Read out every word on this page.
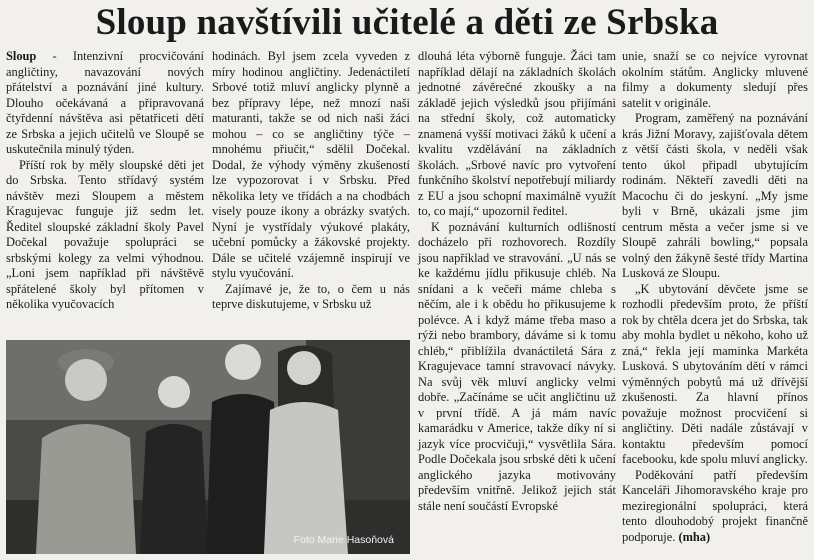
Sloup navštívili učitelé a děti ze Srbska

Sloup - Intenzivní procvičování angličtiny, navazování nových přátelství a poznávání jiné kultury. Dlouho očekávaná a připravovaná čtyřdenní návštěva asi pětatřiceti dětí ze Srbska a jejich učitelů ve Sloupě se uskutečnila minulý týden.

Příští rok by měly sloupské děti jet do Srbska. Tento střídavý systém návštěv mezi Sloupem a městem Kragujevac funguje již sedm let. Ředitel sloupské základní školy Pavel Dočekal považuje spolupráci se srbskými kolegy za velmi výhodnou. „Loni jsem například při návštěvě spřátelené školy byl přítomen v několika vyučovacích

hodinách. Byl jsem zcela vyveden z míry hodinou angličtiny. Jedenáctiletí Srbové totiž mluví anglicky plynně a bez přípravy lépe, než mnozí naši maturanti, takže se od nich naši žáci mohou – co se angličtiny týče – mnohému přiučit,“ sdělil Dočekal. Dodal, že výhody výměny zkušeností lze vypozorovat i v Srbsku. Před několika lety ve třídách a na chodbách visely pouze ikony a obrázky svatých. Nyní je vystřídaly výukové plakáty, učební pomůcky a žákovské projekty. Dále se učitelé vzájemně inspirují ve stylu vyučování.

Zajímavé je, že to, o čem u nás teprve diskutujeme, v Srbsku už

Foto Marie Hasoňová

dlouhá léta výborně funguje. Žáci tam například dělají na základních školách jednotné závěrečné zkoušky a na základě jejich výsledků jsou přijímáni na střední školy, což automaticky znamená vyšší motivaci žáků k učení a kvalitu vzdělávání na základních školách. „Srbové navíc pro vytvoření funkčního školství nepotřebují miliardy z EU a jsou schopní maximálně využít to, co mají,“ upozornil ředitel.

K poznávání kulturních odlišností docházelo při rozhovorech. Rozdíly jsou například ve stravování. „U nás se ke každému jídlu přikusuje chléb. Na snídani a k večeři máme chleba s něčím, ale i k obědu ho přikusujeme k polévce. A i když máme třeba maso a rýži nebo brambory, dáváme si k tomu chléb,“ přiblížila dvanáctiletá Sára z Kragujevace tamní stravovací návyky. Na svůj věk mluví anglicky velmi dobře. „Začínáme se učit angličtinu už v první třídě. A já mám navíc kamarádku v Americe, takže díky ní si jazyk více procvičuji,“ vysvětlila Sára. Podle Dočekala jsou srbské děti k učení anglického jazyka motivovány především vnitřně. Jelikož jejich stát stále není součástí Evropské

unie, snaží se co nejvíce vyrovnat okolním státům. Anglicky mluvené filmy a dokumenty sledují přes satelit v originále.

Program, zaměřený na poznávání krás Jižní Moravy, zajišťovala dětem z větší části škola, v neděli však tento úkol připadl ubytujícím rodinám. Někteří zavedli děti na Macochu či do jeskyní. „My jsme byli v Brně, ukázali jsme jim centrum města a večer jsme si ve Sloupě zahráli bowling,“ popsala volný den žákyně šesté třídy Martina Lusková ze Sloupu.

„K ubytování děvčete jsme se rozhodli především proto, že příští rok by chtěla dcera jet do Srbska, tak aby mohla bydlet u někoho, koho už zná,“ řekla její maminka Markéta Lusková. S ubytováním dětí v rámci výměnných pobytů má už dřívější zkušenosti. Za hlavní přínos považuje možnost procvičení si angličtiny. Děti nadále zůstávají v kontaktu především pomocí facebooku, kde spolu mluví anglicky.

Poděkování patří především Kanceláři Jihomoravského kraje pro meziregionální spolupráci, která tento dlouhodobý projekt finančně podporuje. (mha)
